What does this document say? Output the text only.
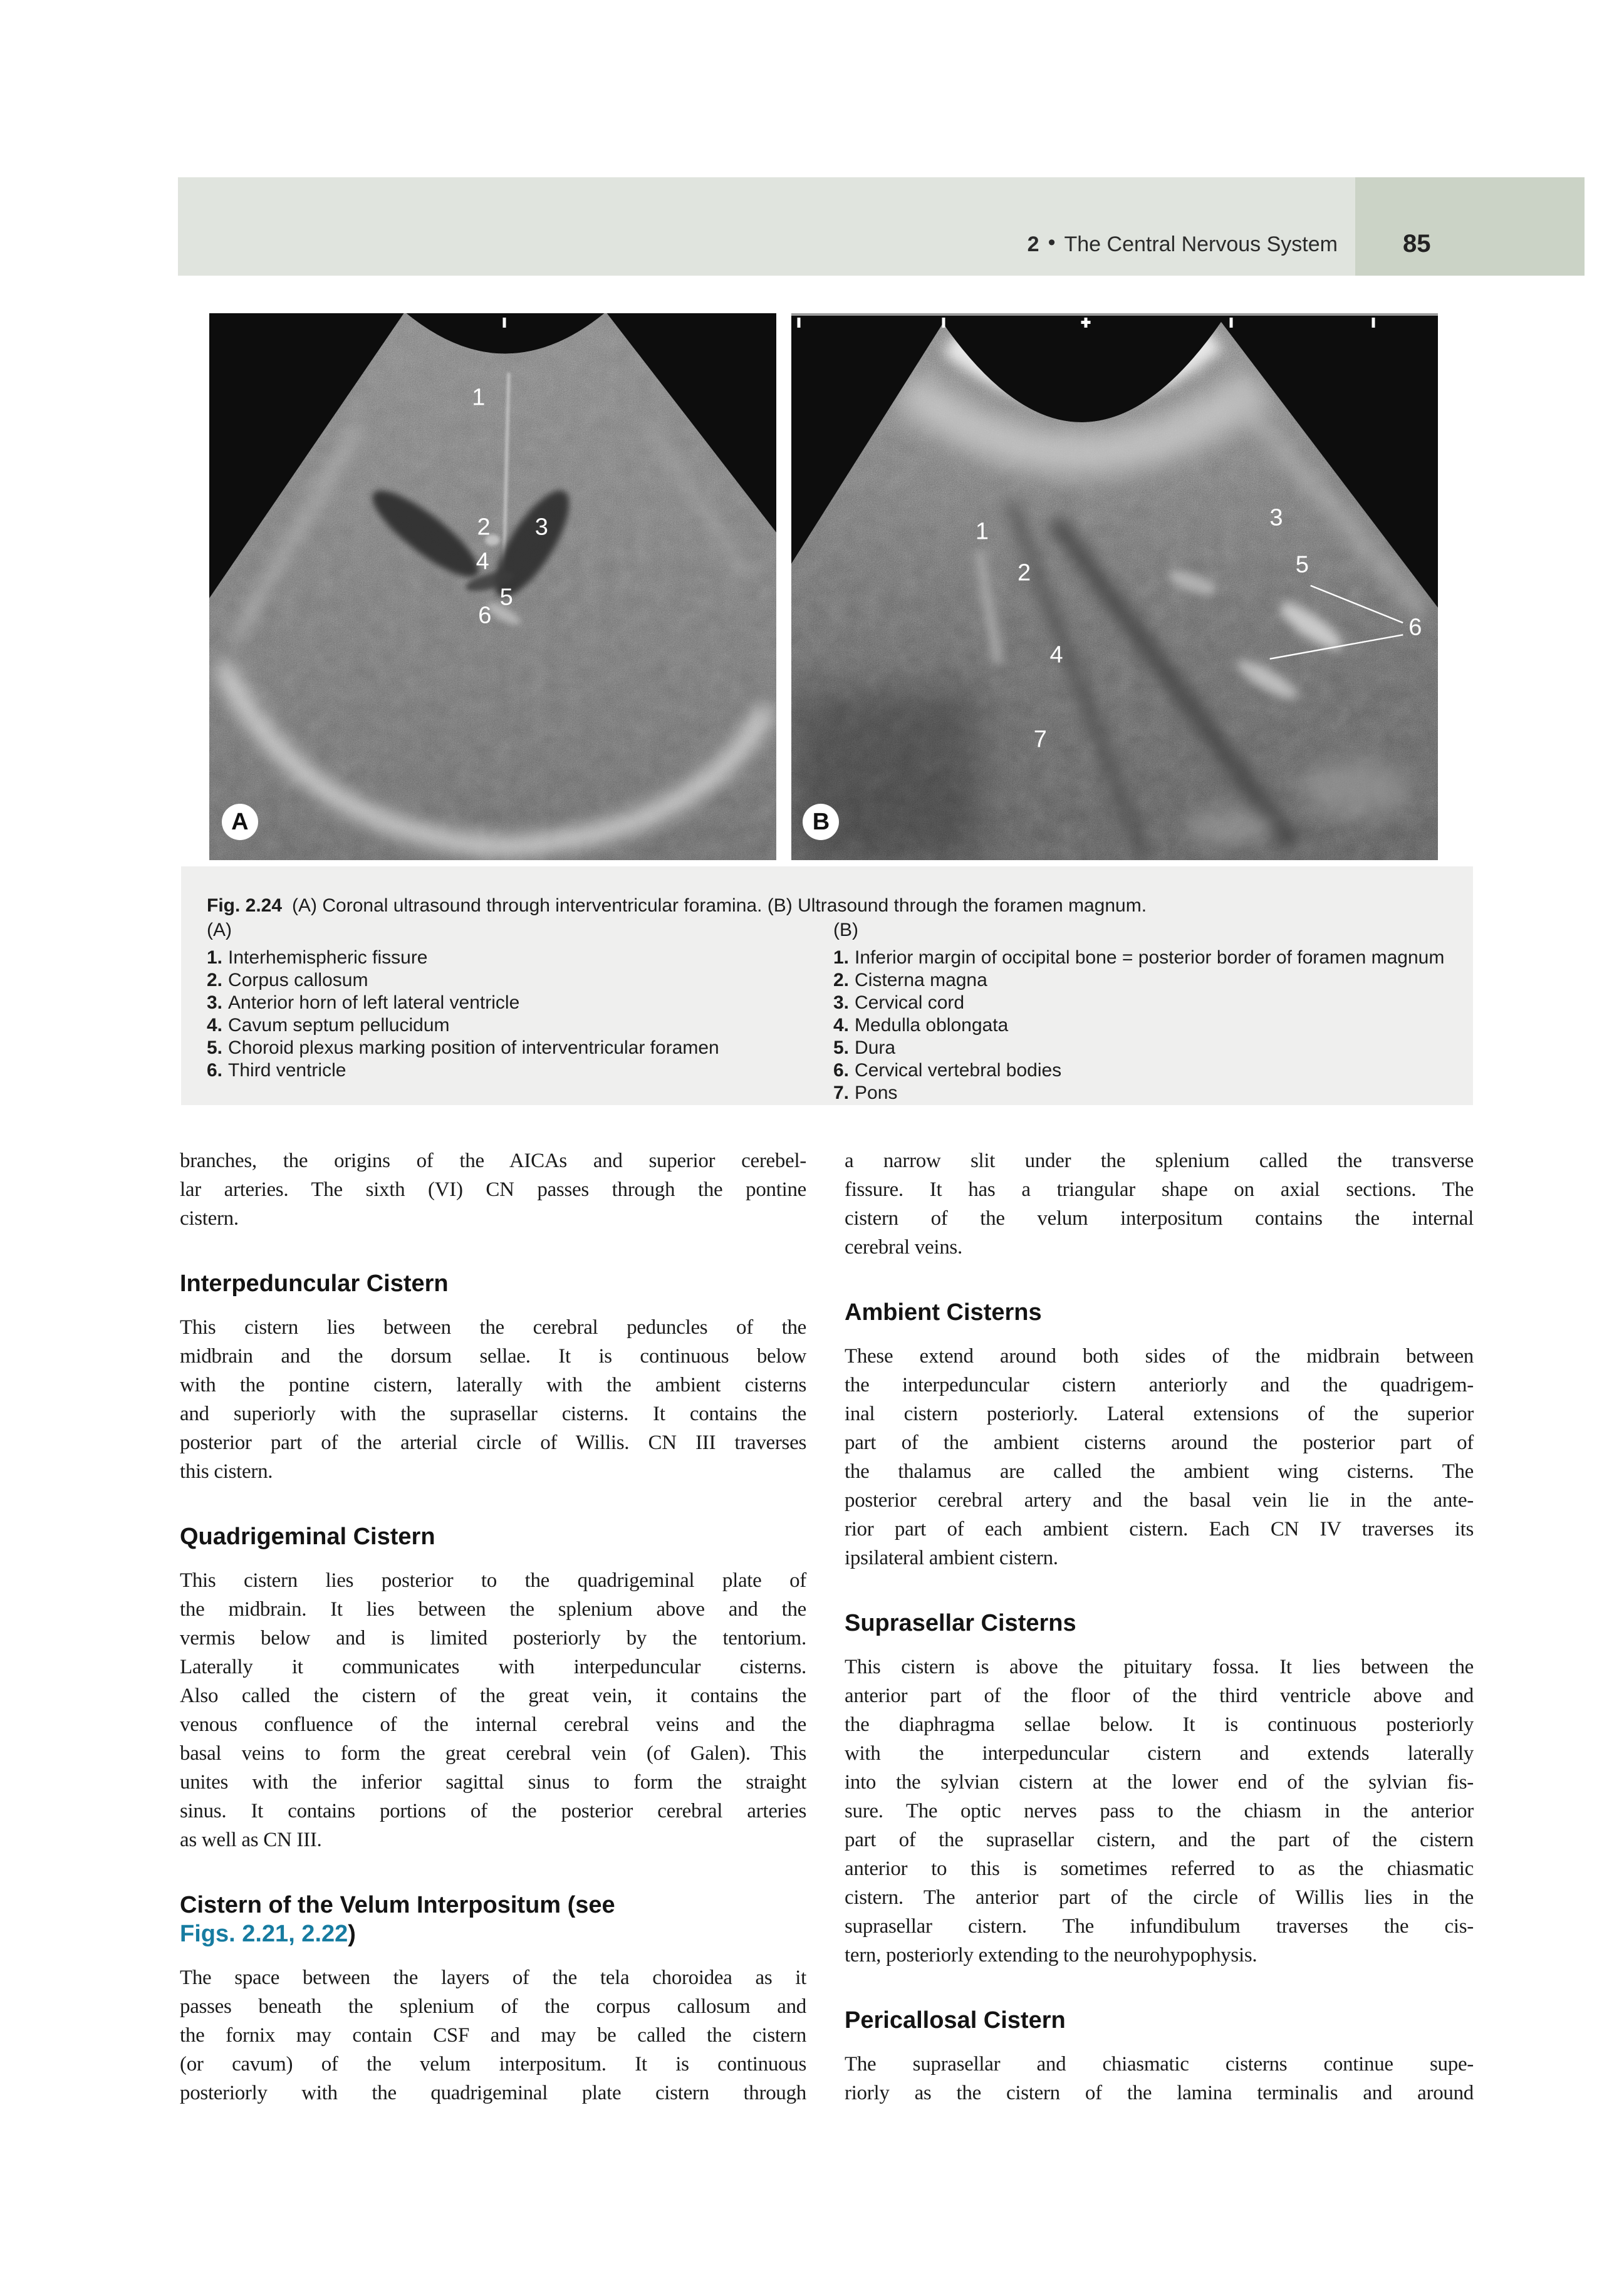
2 • The Central Nervous System	85
1
2 3
4
5
6
A
1
2
3
5
4
7
6
B

Fig. 2.24 (A) Coronal ultrasound through interventricular foramina. (B) Ultrasound through the foramen magnum.

(A)
1. Interhemispheric fissure
2. Corpus callosum
3. Anterior horn of left lateral ventricle
4. Cavum septum pellucidum
5. Choroid plexus marking position of interventricular foramen
6. Third ventricle
(B)
1. Inferior margin of occipital bone = posterior border of foramen magnum
2. Cisterna magna
3. Cervical cord
4. Medulla oblongata
5. Dura
6. Cervical vertebral bodies
7. Pons
branches, the origins of the AICAs and superior cerebel-
lar arteries. The sixth (VI) CN passes through the pontine
cistern.
Interpeduncular Cistern
This cistern lies between the cerebral peduncles of the
midbrain and the dorsum sellae. It is continuous below
with the pontine cistern, laterally with the ambient cisterns
and superiorly with the suprasellar cisterns. It contains the
posterior part of the arterial circle of Willis. CN III traverses
this cistern.
Quadrigeminal Cistern
This cistern lies posterior to the quadrigeminal plate of
the midbrain. It lies between the splenium above and the
vermis below and is limited posteriorly by the tentorium.
Laterally it communicates with interpeduncular cisterns.
Also called the cistern of the great vein, it contains the
venous confluence of the internal cerebral veins and the
basal veins to form the great cerebral vein (of Galen). This
unites with the inferior sagittal sinus to form the straight
sinus. It contains portions of the posterior cerebral arteries
as well as CN III.
Cistern of the Velum Interpositum (see
Figs. 2.21, 2.22)
The space between the layers of the tela choroidea as it
passes beneath the splenium of the corpus callosum and
the fornix may contain CSF and may be called the cistern
(or cavum) of the velum interpositum. It is continuous
posteriorly with the quadrigeminal plate cistern through
a narrow slit under the splenium called the transverse
fissure. It has a triangular shape on axial sections. The
cistern of the velum interpositum contains the internal
cerebral veins.
Ambient Cisterns
These extend around both sides of the midbrain between
the interpeduncular cistern anteriorly and the quadrigem-
inal cistern posteriorly. Lateral extensions of the superior
part of the ambient cisterns around the posterior part of
the thalamus are called the ambient wing cisterns. The
posterior cerebral artery and the basal vein lie in the ante-
rior part of each ambient cistern. Each CN IV traverses its
ipsilateral ambient cistern.
Suprasellar Cisterns
This cistern is above the pituitary fossa. It lies between the
anterior part of the floor of the third ventricle above and
the diaphragma sellae below. It is continuous posteriorly
with the interpeduncular cistern and extends laterally
into the sylvian cistern at the lower end of the sylvian fis-
sure. The optic nerves pass to the chiasm in the anterior
part of the suprasellar cistern, and the part of the cistern
anterior to this is sometimes referred to as the chiasmatic
cistern. The anterior part of the circle of Willis lies in the
suprasellar cistern. The infundibulum traverses the cis-
tern, posteriorly extending to the neurohypophysis.
Pericallosal Cistern
The suprasellar and chiasmatic cisterns continue supe-
riorly as the cistern of the lamina terminalis and around
